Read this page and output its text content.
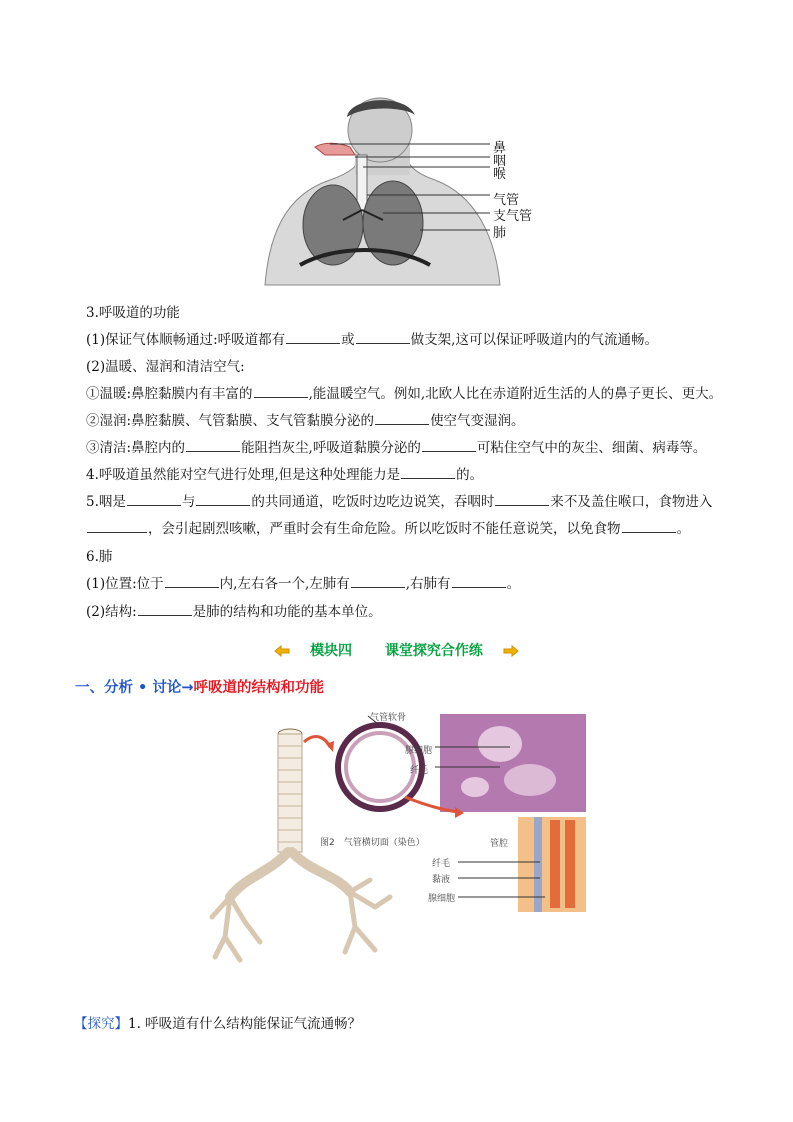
鼻
咽
喉
气管
支气管
肺
3.呼吸道的功能
(1)保证气体顺畅通过:呼吸道都有	或	做支架,这可以保证呼吸道内的气流通畅。
(2)温暖、湿润和清洁空气:
①温暖:鼻腔黏膜内有丰富的	,能温暖空气。例如,北欧人比在赤道附近生活的人的鼻子更长、更大。
②湿润:鼻腔黏膜、气管黏膜、支气管黏膜分泌的	使空气变湿润。
③清洁:鼻腔内的	能阻挡灰尘,呼吸道黏膜分泌的	可粘住空气中的灰尘、细菌、病毒等。
4.呼吸道虽然能对空气进行处理,但是这种处理能力是	的。
5.咽是	与	的共同通道，吃饭时边吃边说笑，吞咽时	来不及盖住喉口，食物进入
，会引起剧烈咳嗽，严重时会有生命危险。所以吃饭时不能任意说笑，以免食物	。
6.肺
(1)位置:位于	内,左右各一个,左肺有	,右肺有	。
(2)结构:	是肺的结构和功能的基本单位。
模块四 课堂探究合作练
一、分析 • 讨论→呼吸道的结构和功能
气管软骨
腺细胞
纤毛
图2　气管横切面（染色）	管腔
纤毛
黏液
腺细胞
【探究】1. 呼吸道有什么结构能保证气流通畅？
